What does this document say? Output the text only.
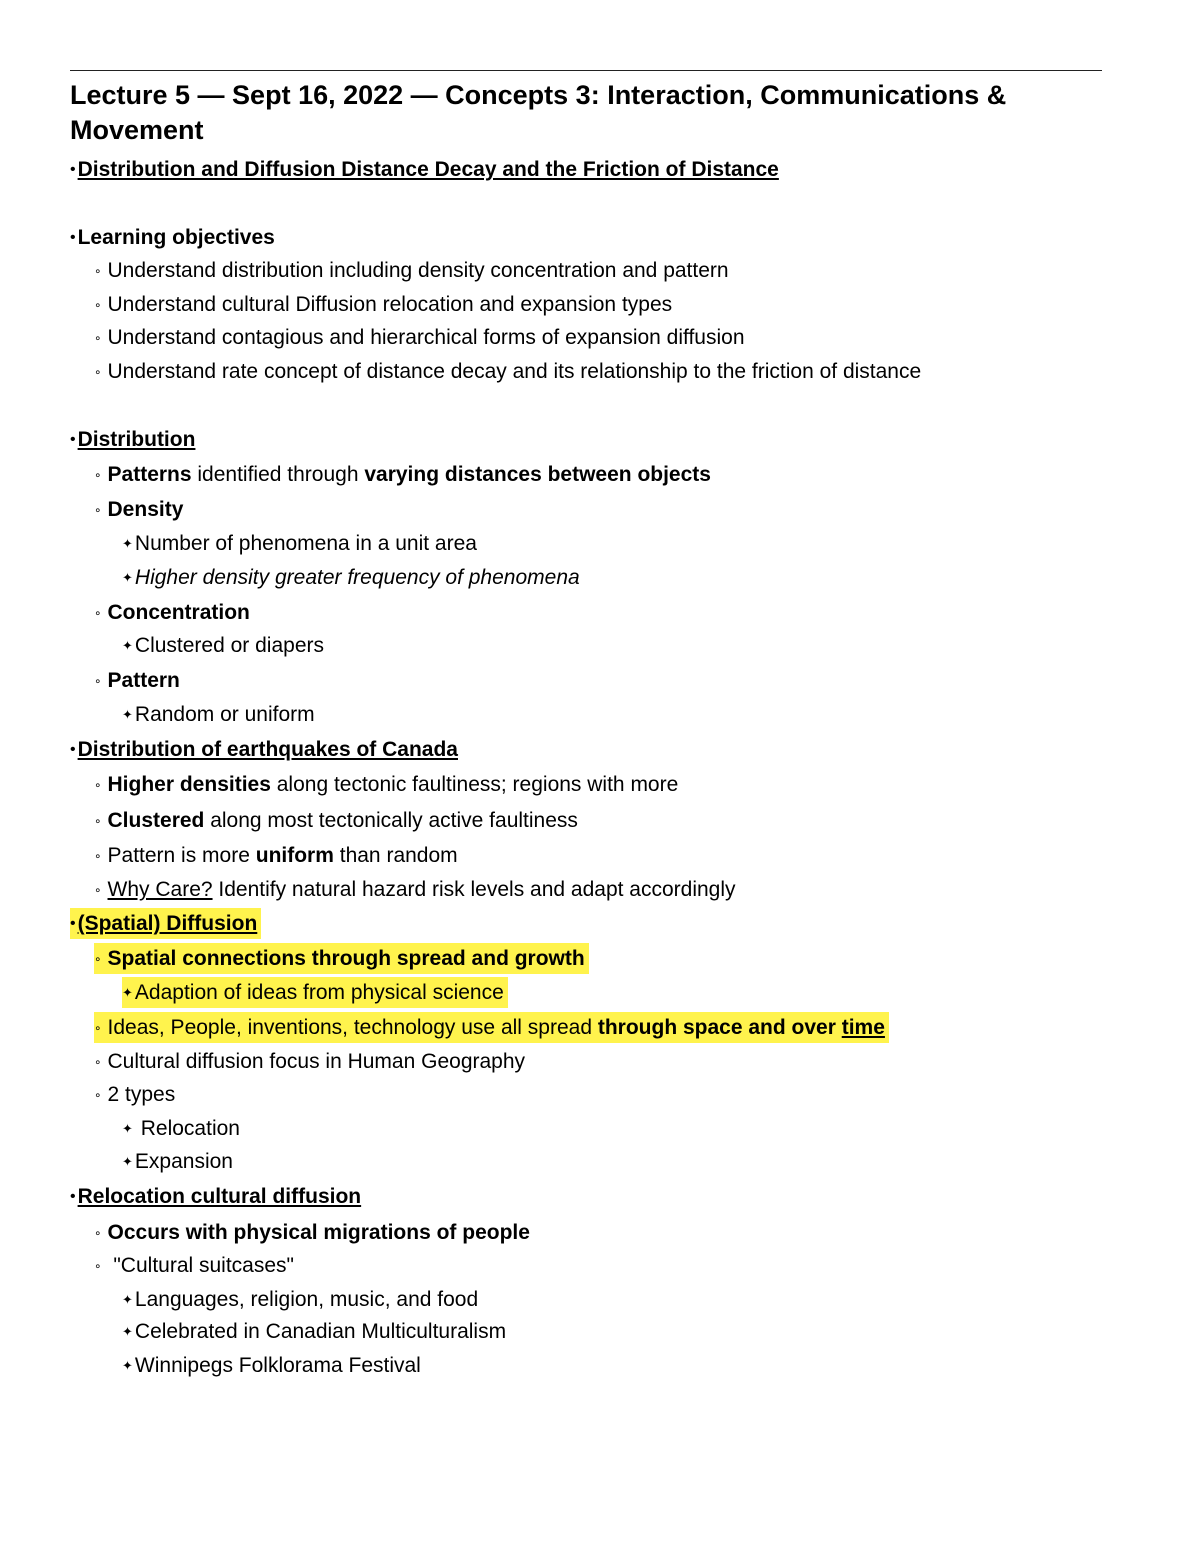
Lecture 5 — Sept 16, 2022 — Concepts 3: Interaction, Communications & Movement
•Distribution and Diffusion Distance Decay and the Friction of Distance
•Learning objectives
∘ Understand distribution including density concentration and pattern
∘ Understand cultural Diffusion relocation and expansion types
∘ Understand contagious and hierarchical forms of expansion diffusion
∘ Understand rate concept of distance decay and its relationship to the friction of distance
•Distribution
∘ Patterns identified through varying distances between objects
∘ Density
✦Number of phenomena in a unit area
✦Higher density greater frequency of phenomena
∘ Concentration
✦Clustered or diapers
∘ Pattern
✦Random or uniform
•Distribution of earthquakes of Canada
∘ Higher densities along tectonic faultiness; regions with more
∘ Clustered along most tectonically active faultiness
∘ Pattern is more uniform than random
∘ Why Care? Identify natural hazard risk levels and adapt accordingly
•(Spatial) Diffusion
∘ Spatial connections through spread and growth
✦Adaption of ideas from physical science
∘ Ideas, People, inventions, technology use all spread through space and over time
∘ Cultural diffusion focus in Human Geography
∘ 2 types
✦ Relocation
✦Expansion
•Relocation cultural diffusion
∘ Occurs with physical migrations of people
∘ "Cultural suitcases"
✦Languages, religion, music, and food
✦Celebrated in Canadian Multiculturalism
✦Winnipegs Folklorama Festival
